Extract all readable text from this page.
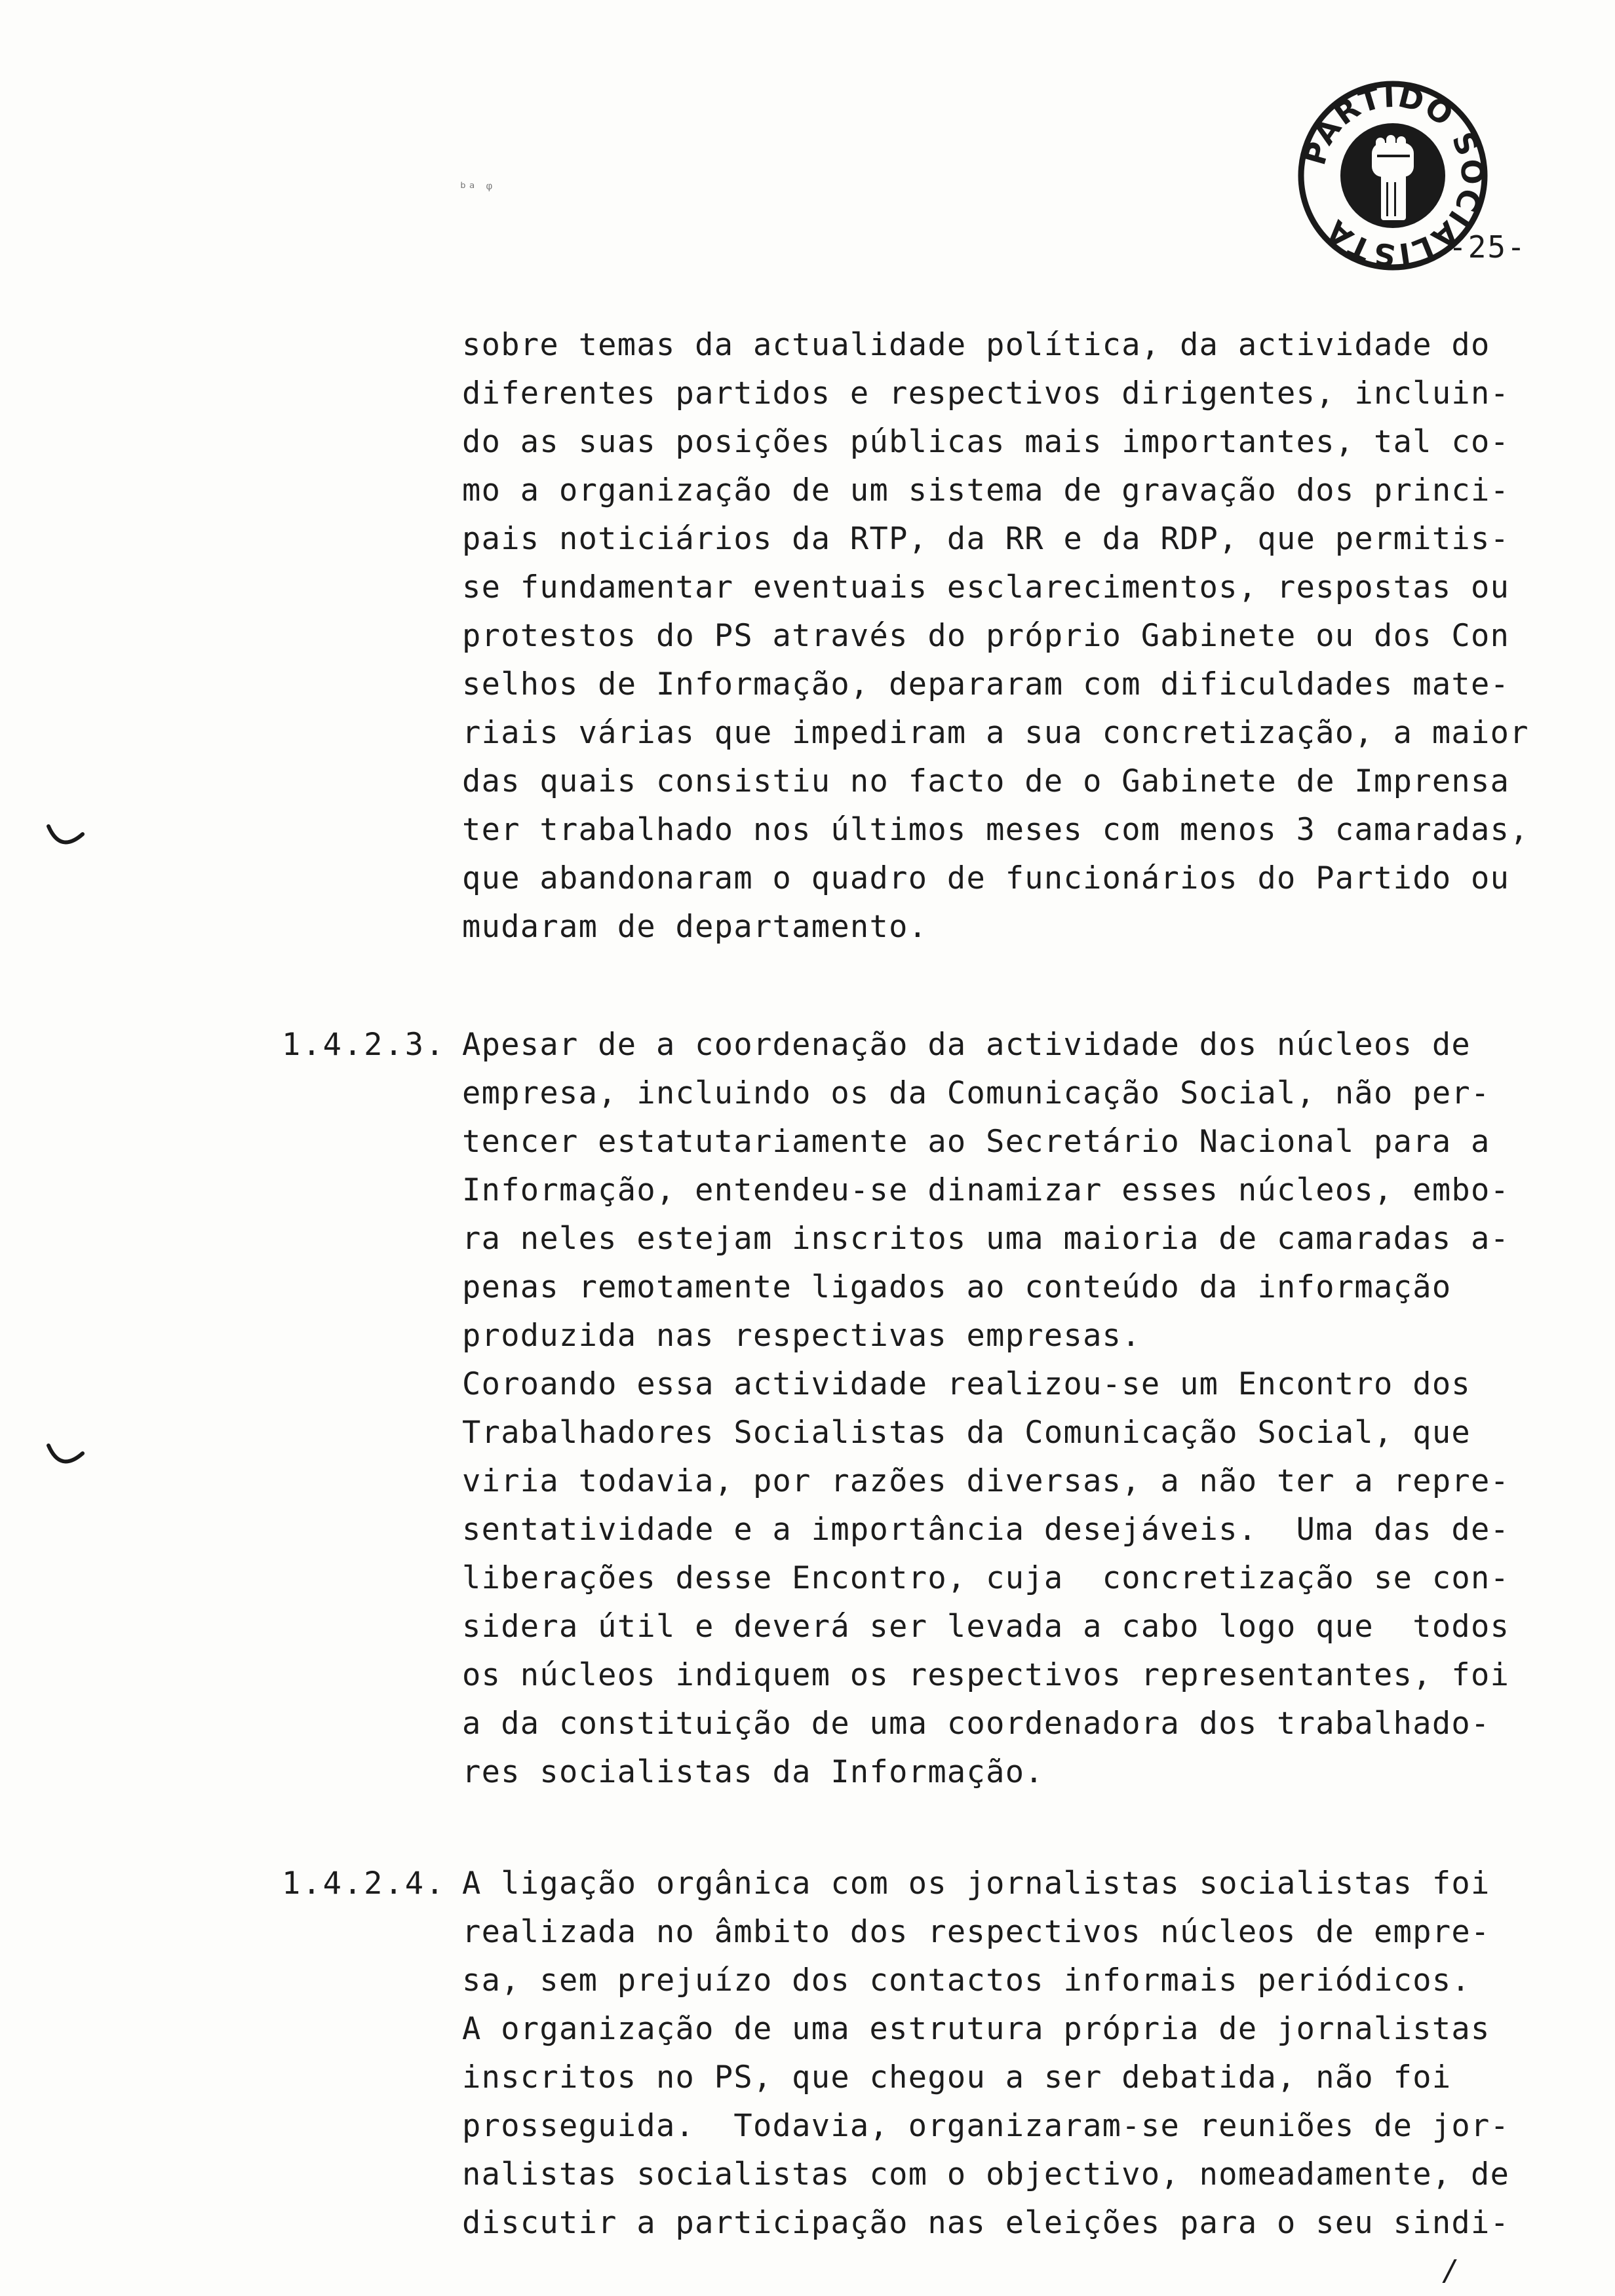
ᵇᵃ ᵠ
PARTIDO SOCIALISTA	-25-
sobre temas da actualidade política, da actividade do
diferentes partidos e respectivos dirigentes, incluin-
do as suas posições públicas mais importantes, tal co-
mo a organização de um sistema de gravação dos princi-
pais noticiários da RTP, da RR e da RDP, que permitis-
se fundamentar eventuais esclarecimentos, respostas ou
protestos do PS através do próprio Gabinete ou dos Con
selhos de Informação, depararam com dificuldades mate-
riais várias que impediram a sua concretização, a maior
das quais consistiu no facto de o Gabinete de Imprensa
ter trabalhado nos últimos meses com menos 3 camaradas,
que abandonaram o quadro de funcionários do Partido ou
mudaram de departamento.
1.4.2.3. Apesar de a coordenação da actividade dos núcleos de
empresa, incluindo os da Comunicação Social, não per-
tencer estatutariamente ao Secretário Nacional para a
Informação, entendeu-se dinamizar esses núcleos, embo-
ra neles estejam inscritos uma maioria de camaradas a-
penas remotamente ligados ao conteúdo da informação
produzida nas respectivas empresas.
Coroando essa actividade realizou-se um Encontro dos
Trabalhadores Socialistas da Comunicação Social, que
viria todavia, por razões diversas, a não ter a repre-
sentatividade e a importância desejáveis.  Uma das de-
liberações desse Encontro, cuja  concretização se con-
sidera útil e deverá ser levada a cabo logo que  todos
os núcleos indiquem os respectivos representantes, foi
a da constituição de uma coordenadora dos trabalhado-
res socialistas da Informação.
1.4.2.4. A ligação orgânica com os jornalistas socialistas foi
realizada no âmbito dos respectivos núcleos de empre-
sa, sem prejuízo dos contactos informais periódicos.
A organização de uma estrutura própria de jornalistas
inscritos no PS, que chegou a ser debatida, não foi
prosseguida.  Todavia, organizaram-se reuniões de jor-
nalistas socialistas com o objectivo, nomeadamente, de
discutir a participação nas eleições para o seu sindi-
/
